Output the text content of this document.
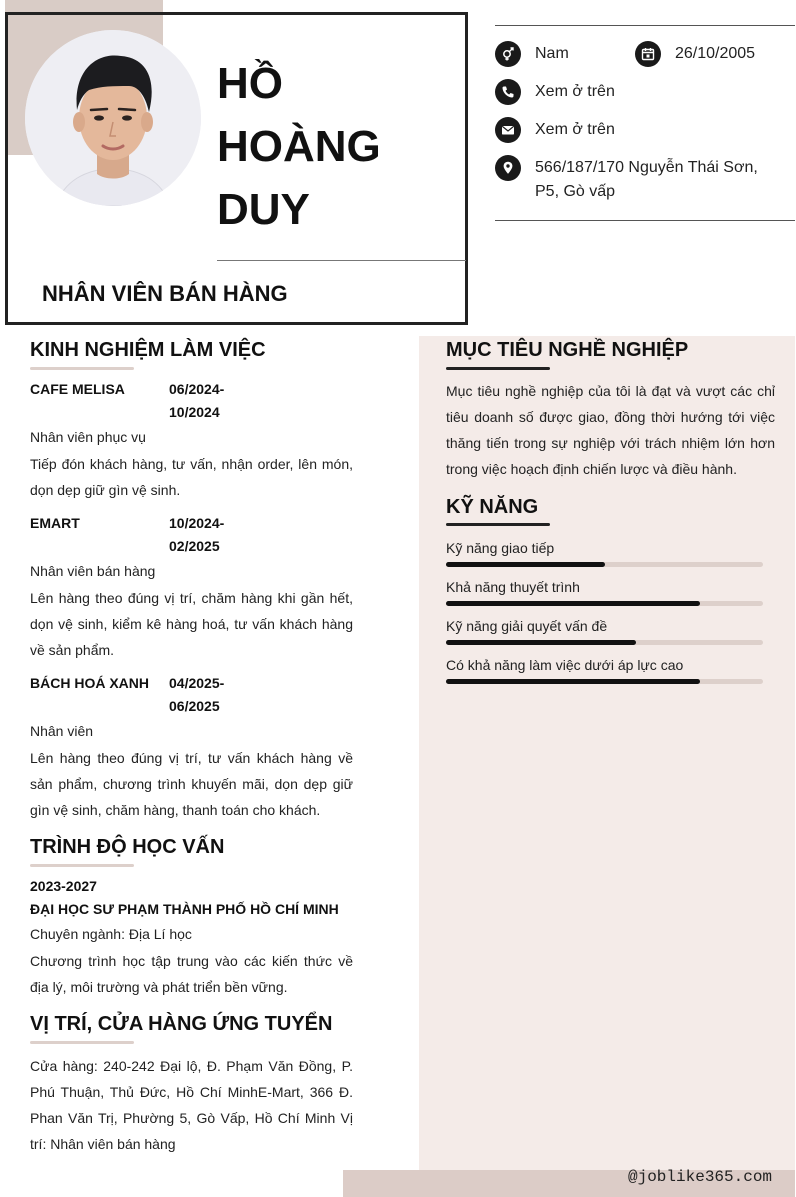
HỒ
HOÀNG
DUY
NHÂN VIÊN BÁN HÀNG
Nam	26/10/2005
Xem ở trên
Xem ở trên
566/187/170 Nguyễn Thái Sơn,
P5, Gò vấp
KINH NGHIỆM LÀM VIỆC
CAFE MELISA	06/2024-
10/2024
Nhân viên phục vụ
Tiếp đón khách hàng, tư vấn, nhận order, lên món, dọn dẹp giữ gìn vệ sinh.
EMART	10/2024-
02/2025
Nhân viên bán hàng
Lên hàng theo đúng vị trí, chăm hàng khi gần hết, dọn vệ sinh, kiểm kê hàng hoá, tư vấn khách hàng về sản phẩm.
BÁCH HOÁ XANH 04/2025-
06/2025
Nhân viên
Lên hàng theo đúng vị trí, tư vấn khách hàng về sản phẩm, chương trình khuyến mãi, dọn dẹp giữ gìn vệ sinh, chăm hàng, thanh toán cho khách.
TRÌNH ĐỘ HỌC VẤN
2023-2027
ĐẠI HỌC SƯ PHẠM THÀNH PHỐ HỒ CHÍ MINH
Chuyên ngành: Địa Lí học
Chương trình học tập trung vào các kiến thức về địa lý, môi trường và phát triển bền vững.
VỊ TRÍ, CỬA HÀNG ỨNG TUYỂN
Cửa hàng: 240-242 Đại lộ, Đ. Phạm Văn Đồng, P. Phú Thuận, Thủ Đức, Hồ Chí MinhE-Mart, 366 Đ. Phan Văn Trị, Phường 5, Gò Vấp, Hồ Chí Minh Vị trí: Nhân viên bán hàng
MỤC TIÊU NGHỀ NGHIỆP
Mục tiêu nghề nghiệp của tôi là đạt và vượt các chỉ tiêu doanh số được giao, đồng thời hướng tới việc thăng tiến trong sự nghiệp với trách nhiệm lớn hơn trong việc hoạch định chiến lược và điều hành.
KỸ NĂNG
Kỹ năng giao tiếp
Khả năng thuyết trình
Kỹ năng giải quyết vấn đề
Có khả năng làm việc dưới áp lực cao
@joblike365.com
